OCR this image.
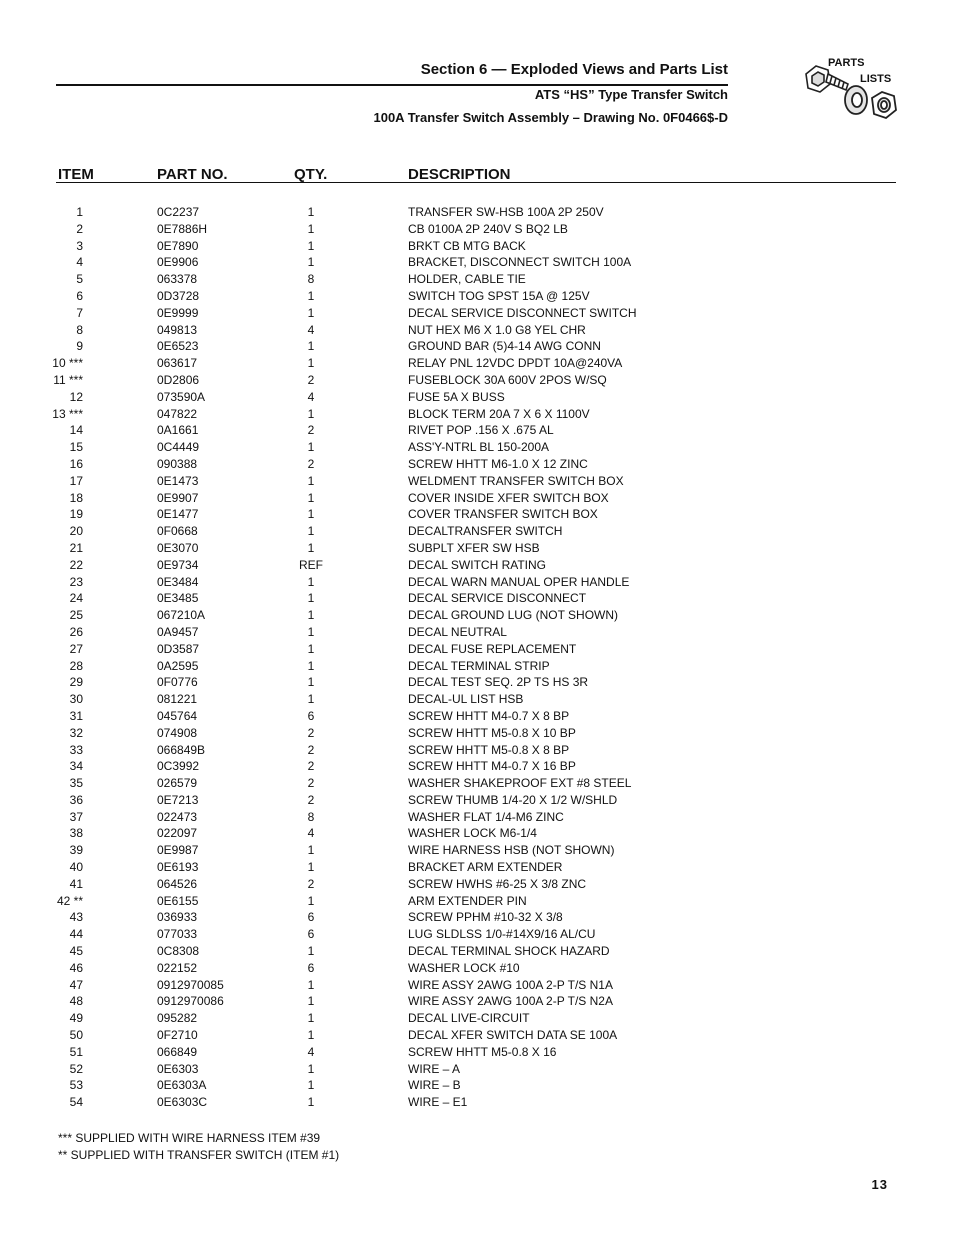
Section 6 — Exploded Views and Parts List
ATS “HS” Type Transfer Switch
100A Transfer Switch Assembly – Drawing No. 0F0466$-D
PARTS
LISTS
ITEM	PART NO.	QTY.	DESCRIPTION
1	0C2237	1	TRANSFER SW-HSB 100A 2P 250V
2	0E7886H	1	CB 0100A 2P 240V S BQ2 LB
3	0E7890	1	BRKT CB MTG BACK
4	0E9906	1	BRACKET, DISCONNECT SWITCH 100A
5	063378	8	HOLDER, CABLE TIE
6	0D3728	1	SWITCH TOG SPST 15A @ 125V
7	0E9999	1	DECAL SERVICE DISCONNECT SWITCH
8	049813	4	NUT HEX M6 X 1.0 G8 YEL CHR
9	0E6523	1	GROUND BAR (5)4-14 AWG CONN
10 ***	063617	1	RELAY PNL 12VDC DPDT 10A@240VA
11 ***	0D2806	2	FUSEBLOCK 30A 600V 2POS W/SQ
12	073590A	4	FUSE 5A X BUSS
13 ***	047822	1	BLOCK TERM 20A 7 X 6 X 1100V
14	0A1661	2	RIVET POP .156 X .675 AL
15	0C4449	1	ASS'Y-NTRL BL 150-200A
16	090388	2	SCREW HHTT M6-1.0 X 12 ZINC
17	0E1473	1	WELDMENT TRANSFER SWITCH BOX
18	0E9907	1	COVER INSIDE XFER SWITCH BOX
19	0E1477	1	COVER TRANSFER SWITCH BOX
20	0F0668	1	DECALTRANSFER SWITCH
21	0E3070	1	SUBPLT XFER SW HSB
22	0E9734	REF	DECAL SWITCH RATING
23	0E3484	1	DECAL WARN MANUAL OPER HANDLE
24	0E3485	1	DECAL SERVICE DISCONNECT
25	067210A	1	DECAL GROUND LUG (NOT SHOWN)
26	0A9457	1	DECAL NEUTRAL
27	0D3587	1	DECAL FUSE REPLACEMENT
28	0A2595	1	DECAL TERMINAL STRIP
29	0F0776	1	DECAL TEST SEQ. 2P TS HS 3R
30	081221	1	DECAL-UL LIST HSB
31	045764	6	SCREW HHTT M4-0.7 X 8 BP
32	074908	2	SCREW HHTT M5-0.8 X 10 BP
33	066849B	2	SCREW HHTT M5-0.8 X 8 BP
34	0C3992	2	SCREW HHTT M4-0.7 X 16 BP
35	026579	2	WASHER SHAKEPROOF EXT #8 STEEL
36	0E7213	2	SCREW THUMB 1/4-20 X 1/2 W/SHLD
37	022473	8	WASHER FLAT 1/4-M6 ZINC
38	022097	4	WASHER LOCK M6-1/4
39	0E9987	1	WIRE HARNESS HSB (NOT SHOWN)
40	0E6193	1	BRACKET ARM EXTENDER
41	064526	2	SCREW HWHS #6-25 X 3/8 ZNC
42 **	0E6155	1	ARM EXTENDER PIN
43	036933	6	SCREW PPHM #10-32 X 3/8
44	077033	6	LUG SLDLSS 1/0-#14X9/16 AL/CU
45	0C8308	1	DECAL TERMINAL SHOCK HAZARD
46	022152	6	WASHER LOCK #10
47	0912970085	1	WIRE ASSY 2AWG 100A 2-P T/S N1A
48	0912970086	1	WIRE ASSY 2AWG 100A 2-P T/S N2A
49	095282	1	DECAL LIVE-CIRCUIT
50	0F2710	1	DECAL XFER SWITCH DATA SE 100A
51	066849	4	SCREW HHTT M5-0.8 X 16
52	0E6303	1	WIRE – A
53	0E6303A	1	WIRE – B
54	0E6303C	1	WIRE – E1
*** SUPPLIED WITH WIRE HARNESS ITEM #39
** SUPPLIED WITH TRANSFER SWITCH (ITEM #1)
13
